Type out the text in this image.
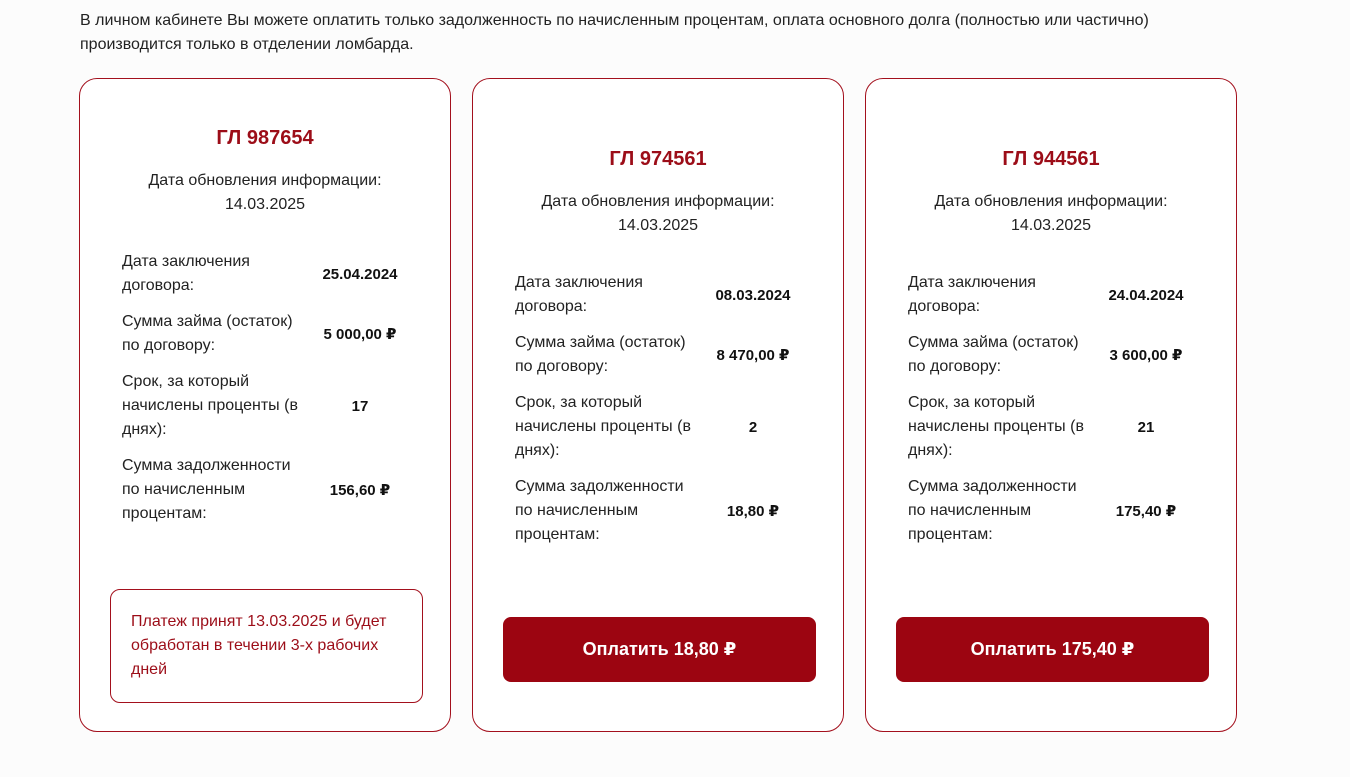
В личном кабинете Вы можете оплатить только задолженность по начисленным процентам, оплата основного долга (полностью или частично) производится только в отделении ломбарда.
ГЛ 987654
Дата обновления информации:
14.03.2025
Дата заключения договора:
25.04.2024
Сумма займа (остаток) по договору:
5 000,00 ₽
Срок, за который начислены проценты (в днях):
17
Сумма задолженности по начисленным процентам:
156,60 ₽
Платеж принят 13.03.2025 и будет обработан в течении 3-х рабочих дней
ГЛ 974561
Дата обновления информации:
14.03.2025
Дата заключения договора:
08.03.2024
Сумма займа (остаток) по договору:
8 470,00 ₽
Срок, за который начислены проценты (в днях):
2
Сумма задолженности по начисленным процентам:
18,80 ₽
Оплатить 18,80 ₽
ГЛ 944561
Дата обновления информации:
14.03.2025
Дата заключения договора:
24.04.2024
Сумма займа (остаток) по договору:
3 600,00 ₽
Срок, за который начислены проценты (в днях):
21
Сумма задолженности по начисленным процентам:
175,40 ₽
Оплатить 175,40 ₽
